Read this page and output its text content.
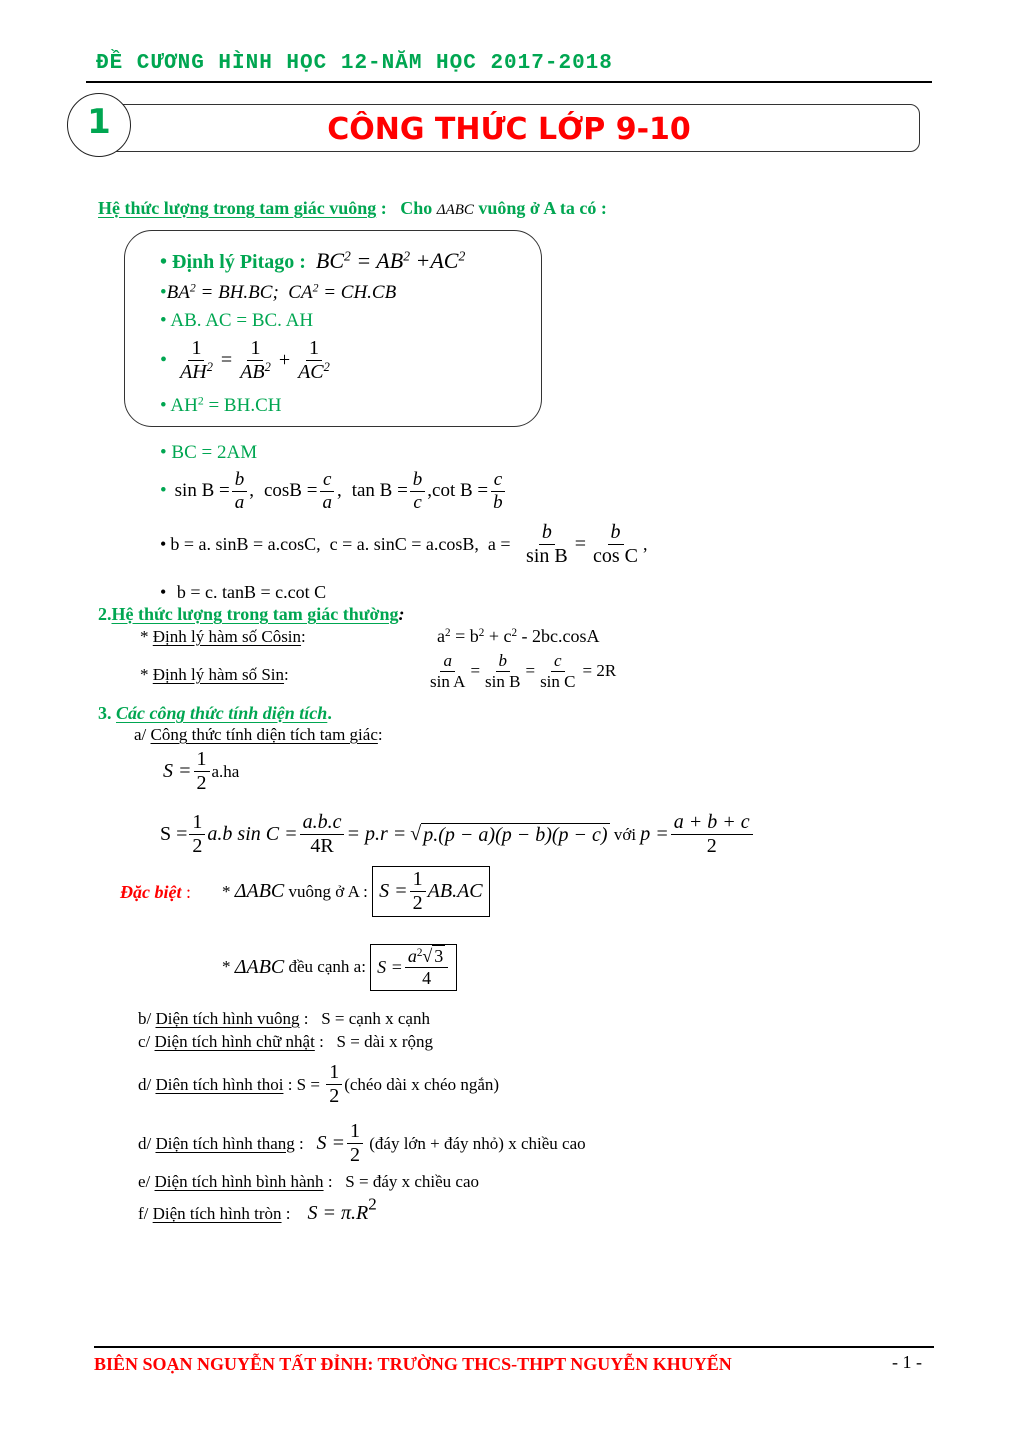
ĐỀ CƯƠNG HÌNH HỌC 12-NĂM HỌC 2017-2018
1	CÔNG THỨC LỚP 9-10
Hệ thức lượng trong tam giác vuông :   Cho ΔABC vuông ở A ta có :
• Định lý Pitago :  $BC^2 = AB^2 +AC^2$
$•BA^2 = BH.BC$;  $CA^2 = CH.CB$
• AB. AC = BC. AH
• $\frac{1}{AH^2} = \frac{1}{AB^2} + \frac{1}{AC^2}$
• $AH^2 = BH.CH$
• BC = 2AM
• $\sin B = \frac{b}{a}$ , $\cos B = \frac{c}{a}$ , $\tan B = \frac{b}{c} ,\cot$ $B = \frac{c}{b}$
• b = a. sinB = a.cosC,  c = a. sinC = a.cosB,  $a = \frac{b}{\text{sin B}} = \frac{b}{\text{cos C}}$ ,
• b = c. tanB = c.cot C
2.Hệ thức lượng trong tam giác thường:
* Định lý hàm số Côsin:	$a^2 = b^2 + c^2 - 2bc.\cos A$
* Định lý hàm số Sin:	$\frac{a}{\text{sin A}} = \frac{b}{\text{sin B}} = \frac{c}{\text{sin C}} = 2R$
3. Các công thức tính diện tích.
a/ Công thức tính diện tích tam giác:
$S = \frac{1}{2} a.h$ a
$S = \frac{1}{2} a.b$ $\sin C = \frac{a.b.c}{4R} = p.r$ = √ p.(p − a)(p − b)(p − c) với $p = \frac{a + b + c}{2}$
Đặc biệt : * ΔABC vuông ở A : $S = \frac{1}{2} AB.AC$
* ΔABC đều cạnh a: $S = \frac{a^2√ 3}{4}$
b/ Diện tích hình vuông :   S = cạnh x cạnh
c/ Diện tích hình chữ nhật :   S = dài x rộng
d/ Diên tích hình thoi : $S = \frac{1}{2}$ (chéo dài x chéo ngắn)
d/ Diện tích hình thang : $S = \frac{1}{2}$ (đáy lớn + đáy nhỏ) x chiều cao
e/ Diện tích hình bình hành :   S = đáy x chiều cao
f/ Diện tích hình tròn :    $S = \pi.R^2$
BIÊN SOẠN NGUYỄN TẤT ĐỈNH: TRƯỜNG THCS-THPT NGUYỄN KHUYẾN	- 1 -
